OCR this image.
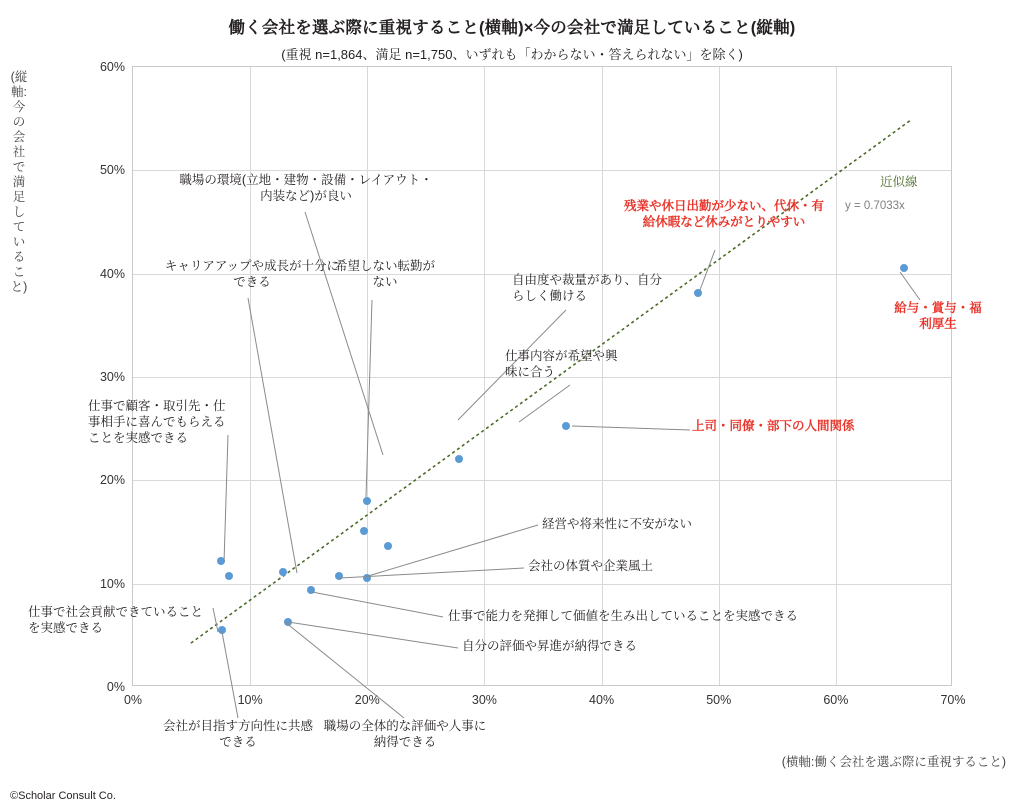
働く会社を選ぶ際に重視すること(横軸)×今の会社で満足していること(縦軸)
(重視 n=1,864、満足 n=1,750、いずれも「わからない・答えられない」を除く)
(縦軸:今の会社で満足していること)
(横軸:働く会社を選ぶ際に重視すること)
©Scholar Consult Co.
0%	10%	20%	30%	40%	50%	60%	70%
0%
10%
20%
30%
40%
50%
60%
職場の環境(立地・建物・設備・レイアウト・内装など)が良い
キャリアアップや成長が十分にできる
希望しない転勤がない	自由度や裁量があり、自分らしく働ける
仕事内容が希望や興味に合う
残業や休日出勤が少ない、代休・有給休暇など休みがとりやすい
給与・賞与・福利厚生
上司・同僚・部下の人間関係
仕事で顧客・取引先・仕事相手に喜んでもらえることを実感できる
仕事で社会貢献できていることを実感できる
経営や将来性に不安がない
会社の体質や企業風土
仕事で能力を発揮して価値を生み出していることを実感できる
自分の評価や昇進が納得できる
会社が目指す方向性に共感できる
職場の全体的な評価や人事に納得できる
近似線
y = 0.7033x
